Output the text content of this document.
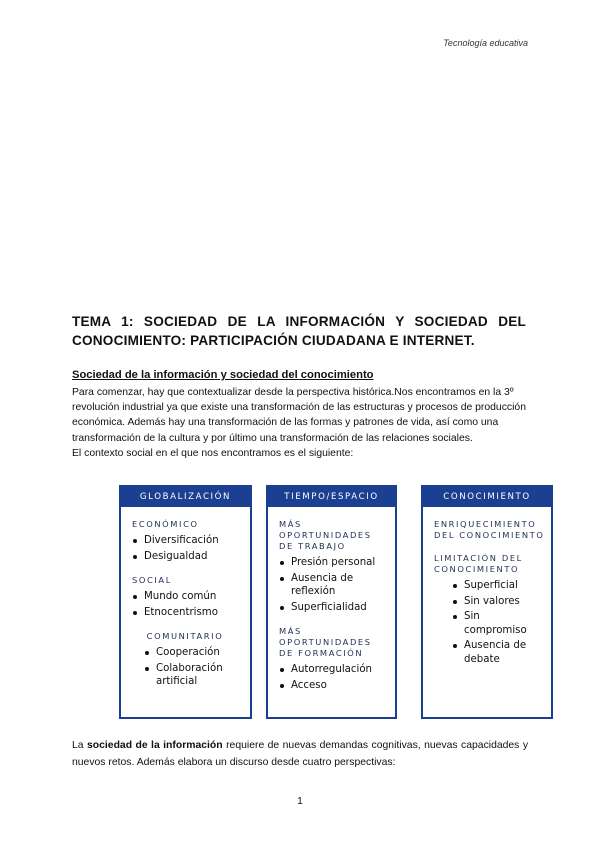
Tecnología educativa
TEMA 1: SOCIEDAD DE LA INFORMACIÓN Y SOCIEDAD DEL CONOCIMIENTO: PARTICIPACIÓN CIUDADANA E INTERNET.
Sociedad de la información y sociedad del conocimiento

Para comenzar, hay que contextualizar desde la perspectiva histórica.Nos encontramos en la 3º revolución industrial ya que existe una transformación de las estructuras y procesos de producción económica. Además hay una transformación de las formas y patrones de vida, así como una transformación de la cultura y por último una transformación de las relaciones sociales.

El contexto social en el que nos encontramos es el siguiente:

GLOBALIZACIÓN
ECONÓMICO
Diversificación
Desigualdad
SOCIAL
Mundo común
Etnocentrismo
COMUNITARIO
Cooperación
Colaboración artificial
TIEMPO/ESPACIO
MÁS OPORTUNIDADES DE TRABAJO
Presión personal
Ausencia de reflexión
Superficialidad
MÁS OPORTUNIDADES DE FORMACIÓN
Autorregulación
Acceso
CONOCIMIENTO
ENRIQUECIMIENTO DEL CONOCIMIENTO
LIMITACIÓN DEL CONOCIMIENTO
Superficial
Sin valores
Sin compromiso
Ausencia de debate
La sociedad de la información requiere de nuevas demandas cognitivas, nuevas capacidades y nuevos retos. Además elabora un discurso desde cuatro perspectivas:
1
